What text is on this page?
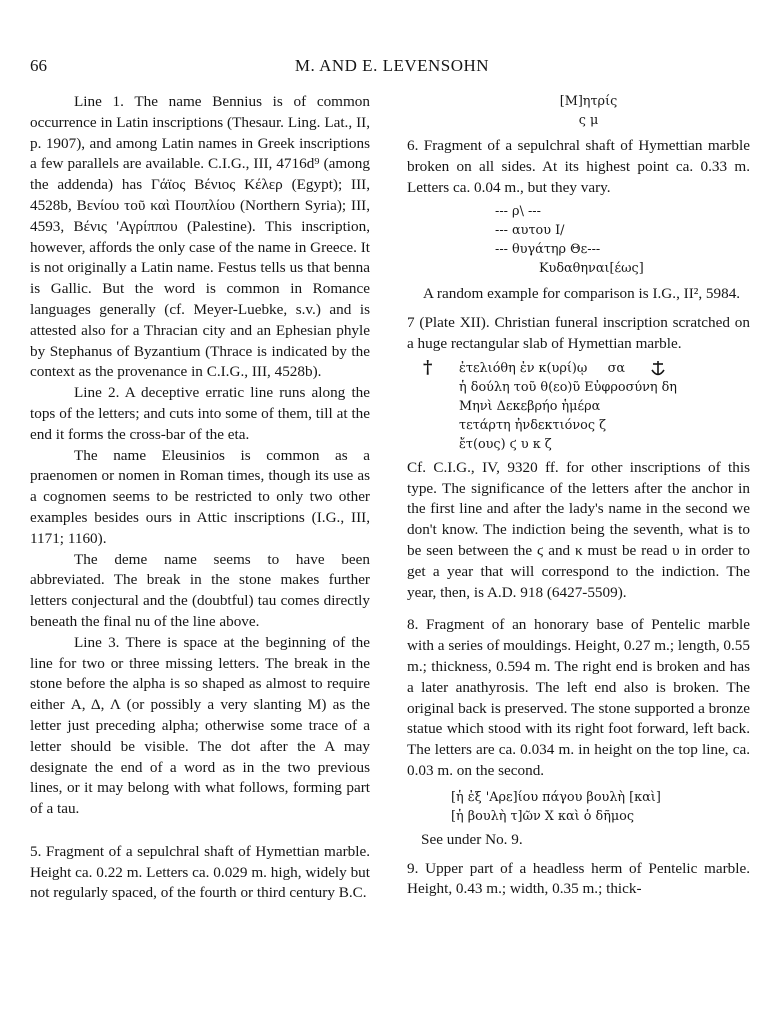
66	M. AND E. LEVENSOHN

Line 1. The name Bennius is of common occurrence in Latin inscriptions (Thesaur. Ling. Lat., II, p. 1907), and among Latin names in Greek inscriptions a few parallels are available. C.I.G., III, 4716d⁹ (among the addenda) has Γάϊος Βένιος Κέλερ (Egypt); III, 4528b, Βενίου τοῦ καὶ Πουπλίου (Northern Syria); III, 4593, Βένις 'Αγρίππου (Palestine). This inscription, however, affords the only case of the name in Greece. It is not originally a Latin name. Festus tells us that benna is Gallic. But the word is common in Romance languages generally (cf. Meyer-Luebke, s.v.) and is attested also for a Thracian city and an Ephesian phyle by Stephanus of Byzantium (Thrace is indicated by the context as the provenance in C.I.G., III, 4528b).

Line 2. A deceptive erratic line runs along the tops of the letters; and cuts into some of them, till at the end it forms the cross-bar of the eta.

The name Eleusinios is common as a praenomen or nomen in Roman times, though its use as a cognomen seems to be restricted to only two other examples besides ours in Attic inscriptions (I.G., III, 1171; 1160).

The deme name seems to have been abbreviated. The break in the stone makes further letters conjectural and the (doubtful) tau comes directly beneath the final nu of the line above.

Line 3. There is space at the beginning of the line for two or three missing letters. The break in the stone before the alpha is so shaped as almost to require either Α, Δ, Λ (or possibly a very slanting M) as the letter just preceding alpha; otherwise some trace of a letter should be visible. The dot after the A may designate the end of a word as in the two previous lines, or it may belong with what follows, forming part of a tau.

5. Fragment of a sepulchral shaft of Hymettian marble. Height ca. 0.22 m. Letters ca. 0.029 m. high, widely but not regularly spaced, of the fourth or third century B.C.

[Μ]ητρίς
ς μ

6. Fragment of a sepulchral shaft of Hymettian marble broken on all sides. At its highest point ca. 0.33 m. Letters ca. 0.04 m., but they vary.

--- ρ\ ---
--- αυτου Ι/
--- θυγάτηρ Θε---
Κυδαθηναι[έως]

A random example for comparison is I.G., II², 5984.

7 (Plate XII). Christian funeral inscription scratched on a huge rectangular slab of Hymettian marble.

† ἐτελιόθη ἐν κ(υρί)ῳ     σα
ἡ δούλη τοῦ θ(εο)ῦ Εὐφροσύνη δη
Μηνὶ Δεκεβρήο ἡμέρα
τετάρτη ἠνδεκτιόνος ζ
ἔτ(ους) ϛ υ κ ζ

Cf. C.I.G., IV, 9320 ff. for other inscriptions of this type. The significance of the letters after the anchor in the first line and after the lady's name in the second we don't know. The indiction being the seventh, what is to be seen between the ϛ and κ must be read υ in order to get a year that will correspond to the indiction. The year, then, is A.D. 918 (6427-5509).

8. Fragment of an honorary base of Pentelic marble with a series of mouldings. Height, 0.27 m.; length, 0.55 m.; thickness, 0.594 m. The right end is broken and has a later anathyrosis. The left end also is broken. The original back is preserved. The stone supported a bronze statue which stood with its right foot forward, left back. The letters are ca. 0.034 m. in height on the top line, ca. 0.03 m. on the second.

[ἡ ἐξ 'Αρε]ίου πάγου βουλὴ [καὶ]
[ἡ βουλὴ τ]ῶν Χ καὶ ὁ δῆμος

See under No. 9.

9. Upper part of a headless herm of Pentelic marble. Height, 0.43 m.; width, 0.35 m.; thick-
